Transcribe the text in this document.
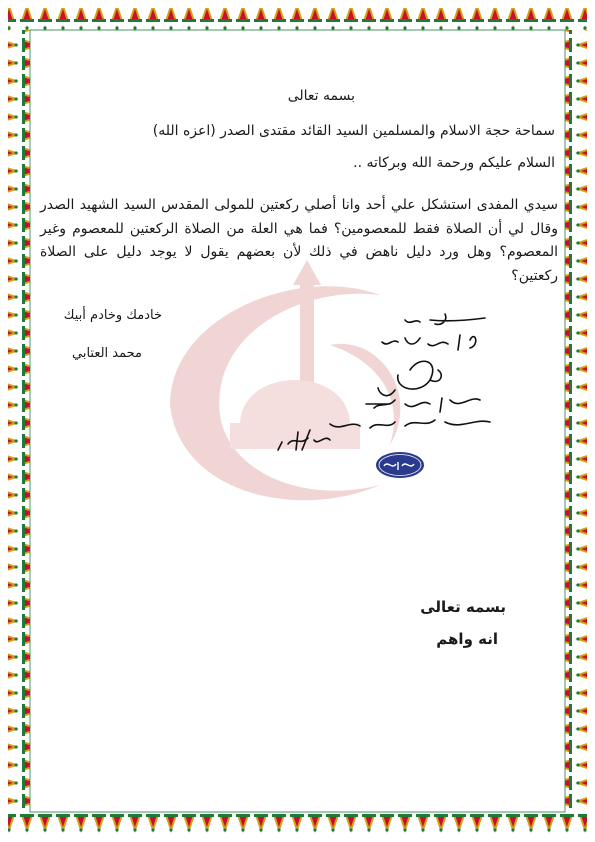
بسمه تعالى
سماحة حجة الاسلام والمسلمين السيد القائد مقتدى الصدر (اعزه الله)
السلام عليكم ورحمة الله وبركاته ..
سيدي المفدى استشكل علي أحد وانا أصلي ركعتين للمولى المقدس السيد الشهيد الصدر وقال لي أن الصلاة فقط للمعصومين؟ فما هي العلة من الصلاة الركعتين للمعصوم وغير المعصوم؟ وهل ورد دليل ناهض في ذلك لأن بعضهم يقول لا يوجد دليل على الصلاة ركعتين؟
خادمك وخادم أبيك
محمد العتابي
بسمه تعالى
انه واهم
